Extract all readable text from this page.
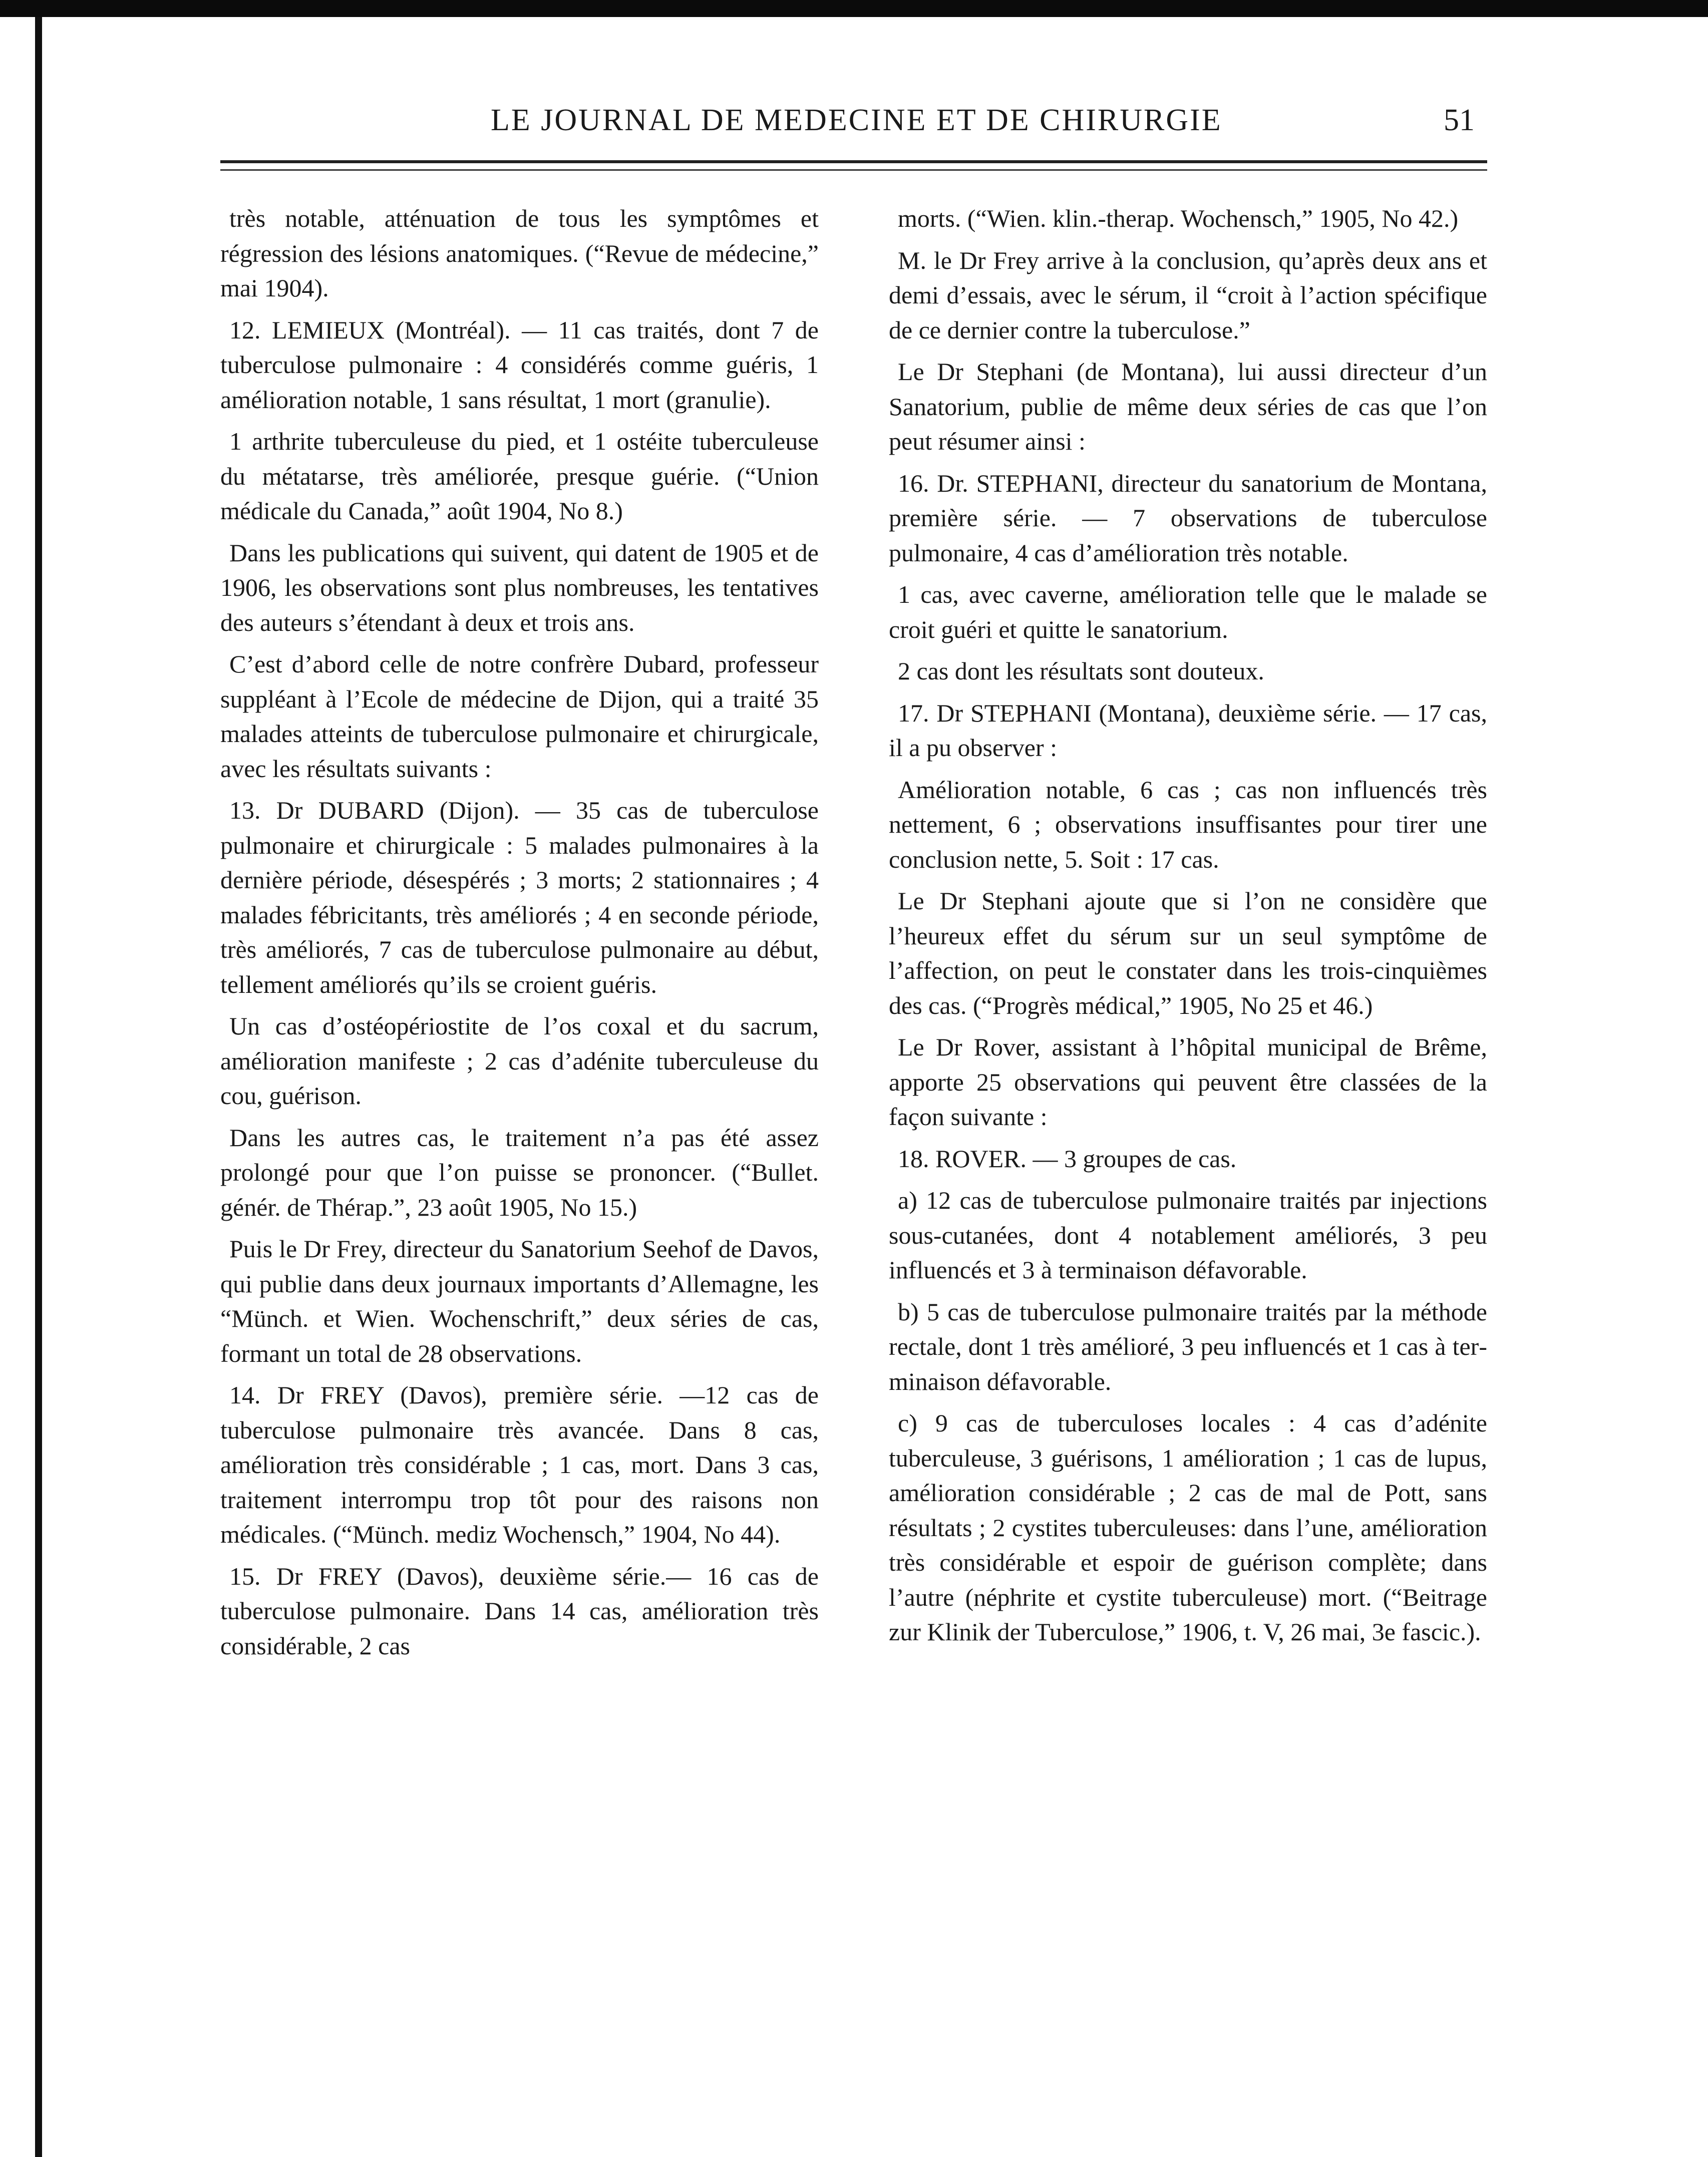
LE JOURNAL DE MEDECINE ET DE CHIRURGIE	51

très notable, atténuation de tous les symptômes et régression des lésions anatomiques. (“Revue de médecine,” mai 1904).

12. LEMIEUX (Montréal). — 11 cas traités, dont 7 de tuberculose pulmonaire : 4 considérés comme guéris, 1 amélioration notable, 1 sans résultat, 1 mort (granulie).

1 arthrite tuberculeuse du pied, et 1 ostéite tuberculeuse du métatarse, très améliorée, presque guérie. (“Union médicale du Canada,” août 1904, No 8.)

Dans les publications qui suivent, qui datent de 1905 et de 1906, les observations sont plus nombreuses, les tentatives des auteurs s’étendant à deux et trois ans.

C’est d’abord celle de notre confrère Dubard, professeur suppléant à l’Ecole de médecine de Dijon, qui a traité 35 malades atteints de tuberculose pulmonaire et chirurgicale, avec les résultats suivants :

13. Dr DUBARD (Dijon). — 35 cas de tuberculose pulmonaire et chirurgicale : 5 malades pulmonaires à la dernière période, désespérés ; 3 morts; 2 stationnaires ; 4 malades fébricitants, très améliorés ; 4 en seconde période, très améliorés, 7 cas de tuberculose pulmonaire au début, tellement améliorés qu’ils se croient guéris.

Un cas d’ostéopériostite de l’os coxal et du sacrum, amélioration manifeste ; 2 cas d’adénite tuberculeuse du cou, guérison.

Dans les autres cas, le traitement n’a pas été assez prolongé pour que l’on puisse se prononcer. (“Bullet. génér. de Thérap.”, 23 août 1905, No 15.)

Puis le Dr Frey, directeur du Sanatorium Seehof de Davos, qui publie dans deux journaux importants d’Allemagne, les “Münch. et Wien. Wochenschrift,” deux séries de cas, formant un total de 28 observations.

14. Dr FREY (Davos), première série. —12 cas de tuberculose pulmonaire très avancée. Dans 8 cas, amélioration très considérable ; 1 cas, mort. Dans 3 cas, traitement interrompu trop tôt pour des raisons non médicales. (“Münch. mediz Wochensch,” 1904, No 44).

15. Dr FREY (Davos), deuxième série.— 16 cas de tuberculose pulmonaire. Dans 14 cas, amélioration très considérable, 2 cas

morts. (“Wien. klin.-therap. Wochensch,” 1905, No 42.)

M. le Dr Frey arrive à la conclusion, qu’après deux ans et demi d’essais, avec le sérum, il “croit à l’action spécifique de ce dernier contre la tuberculose.”

Le Dr Stephani (de Montana), lui aussi directeur d’un Sanatorium, publie de même deux séries de cas que l’on peut résumer ainsi :

16. Dr. STEPHANI, directeur du sanatorium de Montana, première série. — 7 observations de tuberculose pulmonaire, 4 cas d’amélioration très notable.

1 cas, avec caverne, amélioration telle que le malade se croit guéri et quitte le sanatorium.

2 cas dont les résultats sont douteux.

17. Dr STEPHANI (Montana), deuxième série. — 17 cas, il a pu observer :

Amélioration notable, 6 cas ; cas non influencés très nettement, 6 ; observations insuffisantes pour tirer une conclusion nette, 5. Soit : 17 cas.

Le Dr Stephani ajoute que si l’on ne considère que l’heureux effet du sérum sur un seul symptôme de l’affection, on peut le constater dans les trois-cinquièmes des cas. (“Progrès médical,” 1905, No 25 et 46.)

Le Dr Rover, assistant à l’hôpital municipal de Brême, apporte 25 observations qui peuvent être classées de la façon suivante :

18. ROVER. — 3 groupes de cas.

a) 12 cas de tuberculose pulmonaire traités par injections sous-cutanées, dont 4 notablement améliorés, 3 peu influencés et 3 à terminaison défavorable.

b) 5 cas de tuberculose pulmonaire traités par la méthode rectale, dont 1 très amélioré, 3 peu influencés et 1 cas à terminaison défavorable.

c) 9 cas de tuberculoses locales : 4 cas d’adénite tuberculeuse, 3 guérisons, 1 amélioration ; 1 cas de lupus, amélioration considérable ; 2 cas de mal de Pott, sans résultats ; 2 cystites tuberculeuses: dans l’une, amélioration très considérable et espoir de guérison complète; dans l’autre (néphrite et cystite tuberculeuse) mort. (“Beitrage zur Klinik der Tuberculose,” 1906, t. V, 26 mai, 3e fascic.).
